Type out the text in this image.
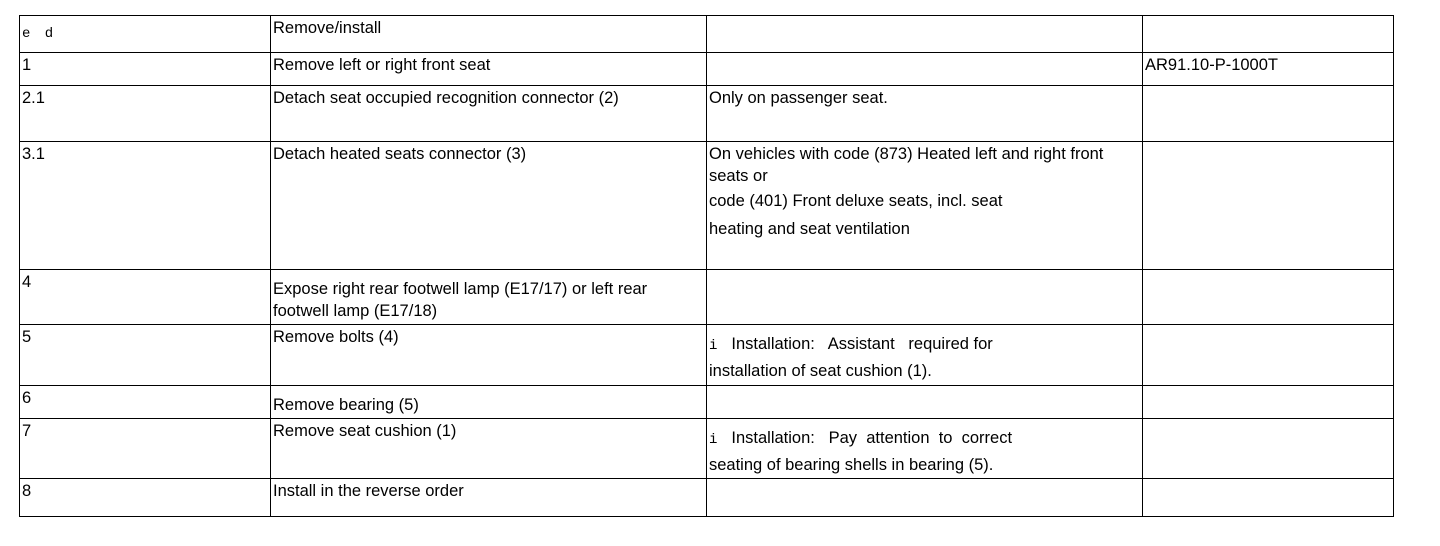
e d	Remove/install		
1	Remove left or right front seat		AR91.10-P-1000T
2.1	Detach seat occupied recognition connector (2)	Only on passenger seat.	
3.1	Detach heated seats connector (3)	On vehicles with code (873) Heated left and right front seats or
code (401) Front deluxe seats, incl. seat
heating and seat ventilation	

4	Expose right rear footwell lamp (E17/17) or left rear footwell lamp (E17/18)		
5	Remove bolts (4)	i Installation:   Assistant   required for
installation of seat cushion (1).	

6	Remove bearing (5)		
7	Remove seat cushion (1)	i Installation:   Pay  attention  to  correct
seating of bearing shells in bearing (5).	

8	Install in the reverse order		
